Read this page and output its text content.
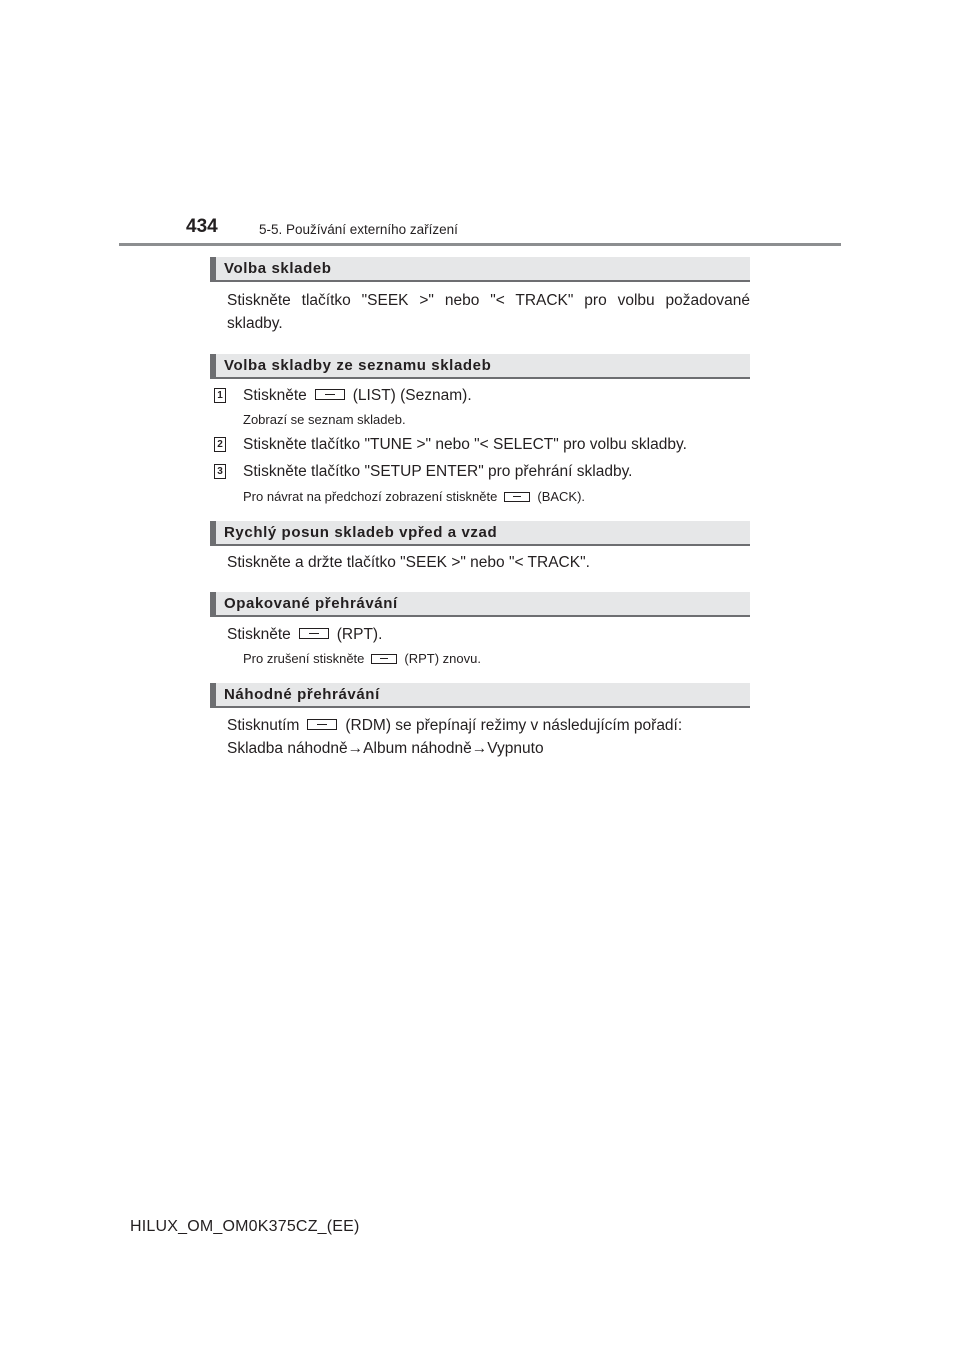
434	5-5. Používání externího zařízení
Volba skladeb
Stiskněte tlačítko "SEEK >" nebo "< TRACK" pro volbu požadované skladby.
Volba skladby ze seznamu skladeb
1 Stiskněte	(LIST) (Seznam).
Zobrazí se seznam skladeb.
2 Stiskněte tlačítko "TUNE >" nebo "< SELECT" pro volbu skladby.
3 Stiskněte tlačítko "SETUP ENTER" pro přehrání skladby.
Pro návrat na předchozí zobrazení stiskněte	(BACK).
Rychlý posun skladeb vpřed a vzad
Stiskněte a držte tlačítko "SEEK >" nebo "< TRACK".
Opakované přehrávání
Stiskněte	(RPT).
Pro zrušení stiskněte	(RPT) znovu.
Náhodné přehrávání
Stisknutím	(RDM) se přepínají režimy v následujícím pořadí:
Skladba náhodně→Album náhodně→Vypnuto
HILUX_OM_OM0K375CZ_(EE)
